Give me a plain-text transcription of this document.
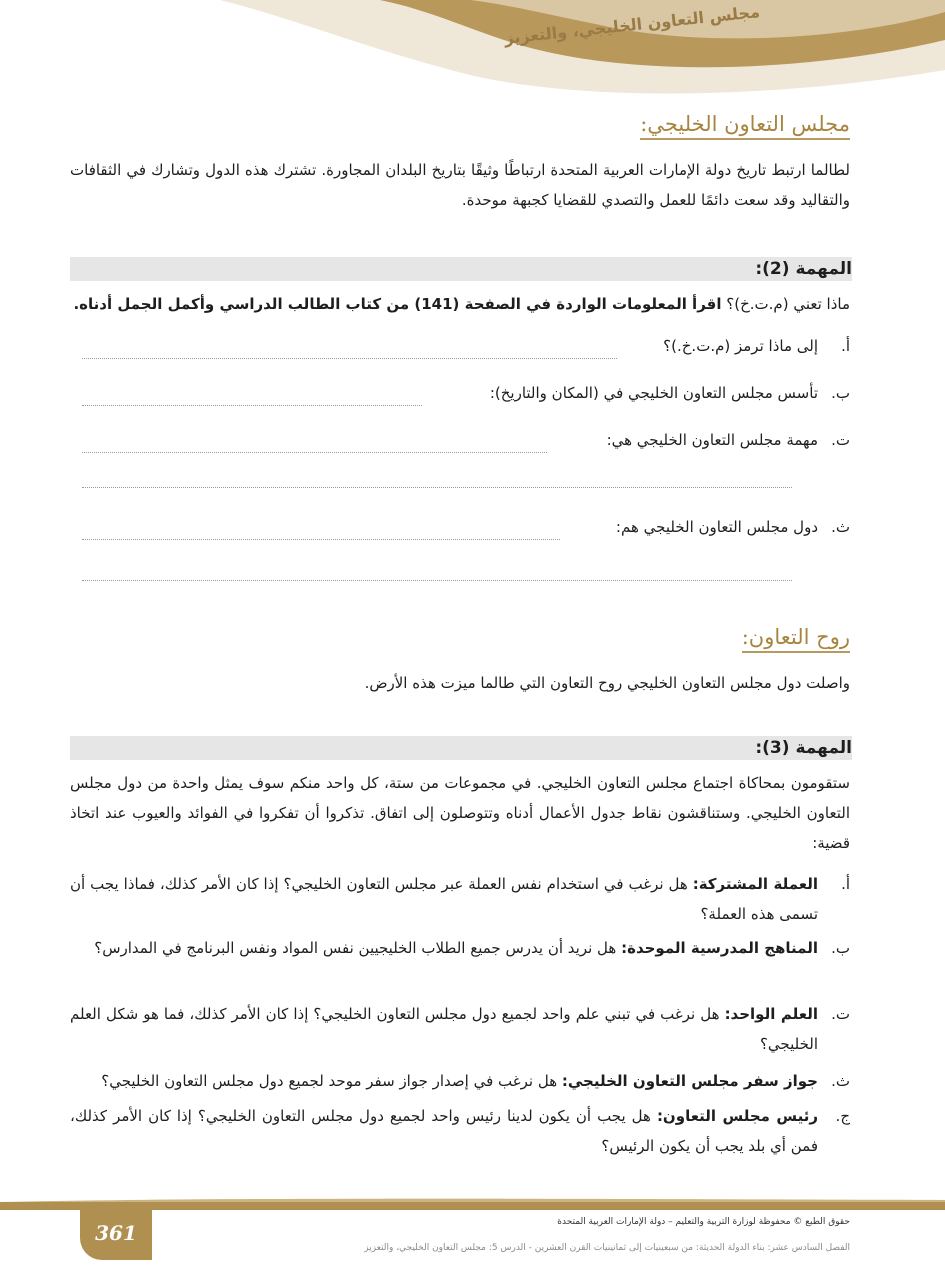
مجلس التعاون الخليجي، والتعزيز
مجلس التعاون الخليجي:
لطالما ارتبط تاريخ دولة الإمارات العربية المتحدة ارتباطًا وثيقًا بتاريخ البلدان المجاورة. تشترك هذه الدول وتشارك في الثقافات والتقاليد وقد سعت دائمًا للعمل والتصدي للقضايا كجبهة موحدة.
المهمة (2):
ماذا تعني (م.ت.خ)؟ اقرأ المعلومات الواردة في الصفحة (141) من كتاب الطالب الدراسي وأكمل الجمل أدناه.
أ.
إلى ماذا ترمز (م.ت.خ.)؟
ب.
تأسس مجلس التعاون الخليجي في (المكان والتاريخ):
ت.
مهمة مجلس التعاون الخليجي هي:
ث.
دول مجلس التعاون الخليجي هم:
روح التعاون:
واصلت دول مجلس التعاون الخليجي روح التعاون التي طالما ميزت هذه الأرض.
المهمة (3):
ستقومون بمحاكاة اجتماع مجلس التعاون الخليجي. في مجموعات من ستة، كل واحد منكم سوف يمثل واحدة من دول مجلس التعاون الخليجي. وستناقشون نقاط جدول الأعمال أدناه وتتوصلون إلى اتفاق. تذكروا أن تفكروا في الفوائد والعيوب عند اتخاذ قضية:
أ.
العملة المشتركة: هل نرغب في استخدام نفس العملة عبر مجلس التعاون الخليجي؟ إذا كان الأمر كذلك، فماذا يجب أن تسمى هذه العملة؟
ب.
المناهج المدرسية الموحدة: هل نريد أن يدرس جميع الطلاب الخليجيين نفس المواد ونفس البرنامج في المدارس؟
ت.
العلم الواحد: هل نرغب في تبني علم واحد لجميع دول مجلس التعاون الخليجي؟ إذا كان الأمر كذلك، فما هو شكل العلم الخليجي؟
ث.
جواز سفر مجلس التعاون الخليجي: هل نرغب في إصدار جواز سفر موحد لجميع دول مجلس التعاون الخليجي؟
ج.
رئيس مجلس التعاون: هل يجب أن يكون لدينا رئيس واحد لجميع دول مجلس التعاون الخليجي؟ إذا كان الأمر كذلك، فمن أي بلد يجب أن يكون الرئيس؟
361	حقوق الطبع © محفوظة لوزارة التربية والتعليم – دولة الإمارات العربية المتحدة
الفصل السادس عشر: بناء الدولة الحديثة: من سبعينيات إلى ثمانينيات القرن العشرين - الدرس 5: مجلس التعاون الخليجي، والتعزيز
